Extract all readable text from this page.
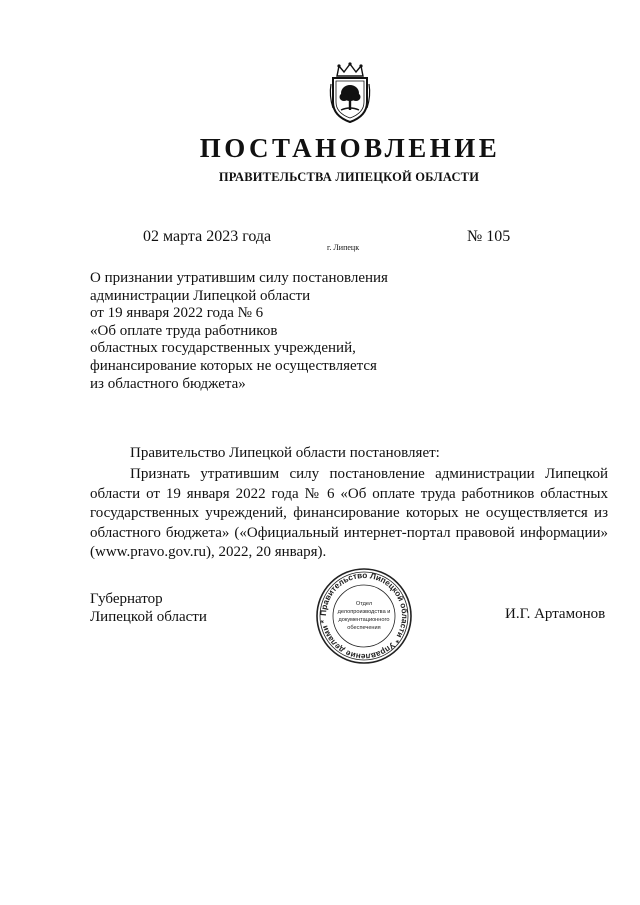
ПОСТАНОВЛЕНИЕ
ПРАВИТЕЛЬСТВА ЛИПЕЦКОЙ ОБЛАСТИ
02 марта 2023 года
г. Липецк
№ 105
О признании утратившим силу постановления
администрации Липецкой области
от 19 января 2022 года № 6
«Об оплате труда работников
областных государственных учреждений,
финансирование которых не осуществляется
из областного бюджета»
Правительство Липецкой области постановляет:
Признать утратившим силу постановление администрации Липецкой области от 19 января 2022 года № 6 «Об оплате труда работников областных государственных учреждений, финансирование которых не осуществляется из областного бюджета» («Официальный интернет-портал правовой информации» (www.pravo.gov.ru), 2022, 20 января).
Губернатор
Липецкой области	Правительство Липецкой области * Управление делами *
Отдел
делопроизводства и
документационного
обеспечения
И.Г. Артамонов
